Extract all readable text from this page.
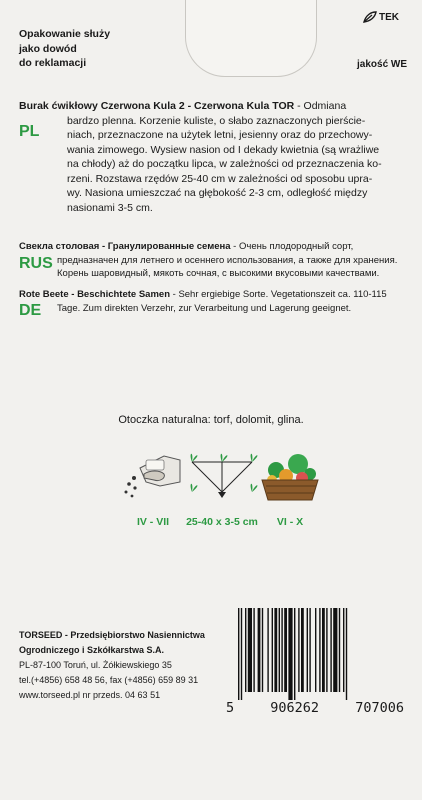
Opakowanie służy
jako dowód
do reklamacji
TEK
jakość WE
PL
Burak ćwikłowy Czerwona Kula 2 - Czerwona Kula TOR - Odmiana
bardzo plenna. Korzenie kuliste, o słabo zaznaczonych pierście-
niach, przeznaczone na użytek letni, jesienny oraz do przechowy-
wania zimowego. Wysiew nasion od I dekady kwietnia (są wrażliwe
na chłody) aż do początku lipca, w zależności od przeznaczenia ko-
rzeni. Rozstawa rzędów 25-40 cm w zależności od sposobu upra-
wy. Nasiona umieszczać na głębokość 2-3 cm, odległość między
nasionami 3-5 cm.
RUS
Свекла столовая - Гранулированные семена - Очень плодородный сорт,
предназначен для летнего и осеннего использования, а также для хранения.
Корень шаровидный, мякоть сочная, с высокими вкусовыми качествами.
DE
Rote Beete - Beschichtete Samen - Sehr ergiebige Sorte. Vegetationszeit ca. 110-115
Tage. Zum direkten Verzehr, zur Verarbeitung und Lagerung geeignet.
Otoczka naturalna: torf, dolomit, glina.
IV - VII	25-40 x 3-5 cm	VI - X
TORSEED - Przedsiębiorstwo Nasiennictwa
Ogrodniczego i Szkółkarstwa S.A.
PL-87-100 Toruń, ul. Żółkiewskiego 35
tel.(+4856) 658 48 56, fax (+4856) 659 89 31
www.torseed.pl nr przeds. 04 63 51
5	906262	707006
